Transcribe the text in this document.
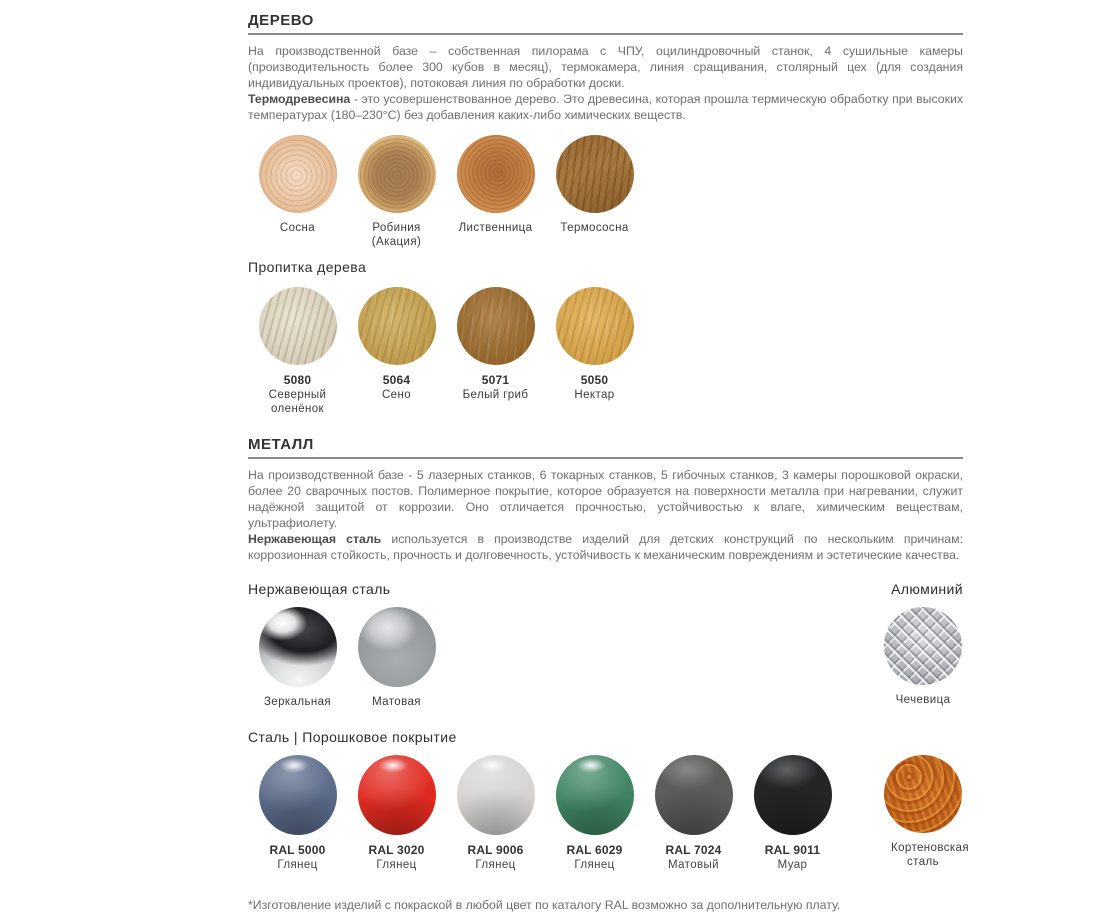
ДЕРЕВО

На производственной базе – собственная пилорама с ЧПУ, оцилиндровочный станок, 4 сушильные камеры (производительность более 300 кубов в месяц), термокамера, линия сращивания, столярный цех (для создания индивидуальных проектов), потоковая линия по обработки доски.

Термодревесина - это усовершенствованное дерево. Это древесина, которая прошла термическую обработку при высоких температурах (180–230°С) без добавления каких-либо химических веществ.

Сосна	Робиния (Акация)
Лиственница	Термососна
Пропитка дерева
5080
Северный оленёнок
5064
Сено
5071
Белый гриб
5050
Нектар
МЕТАЛЛ

На производственной базе - 5 лазерных станков, 6 токарных станков, 5 гибочных станков, 3 камеры порошковой окраски, более 20 сварочных постов. Полимерное покрытие, которое образуется на поверхности металла при нагревании, служит надёжной защитой от коррозии. Оно отличается прочностью, устойчивостью к влаге, химическим веществам, ультрафиолету.

Нержавеющая сталь используется в производстве изделий для детских конструкций по нескольким причинам: коррозионная стойкость, прочность и долговечность, устойчивость к механическим повреждениям и эстетические качества.

Нержавеющая сталь	Алюминий
Зеркальная	Матовая	Чечевица
Сталь | Порошковое покрытие
RAL 5000
Глянец
RAL 3020
Глянец
RAL 9006
Глянец
RAL 6029
Глянец
RAL 7024
Матовый
RAL 9011
Муар
Кортеновская сталь
*Изготовление изделий с покраской в любой цвет по каталогу RAL возможно за дополнительную плату.
